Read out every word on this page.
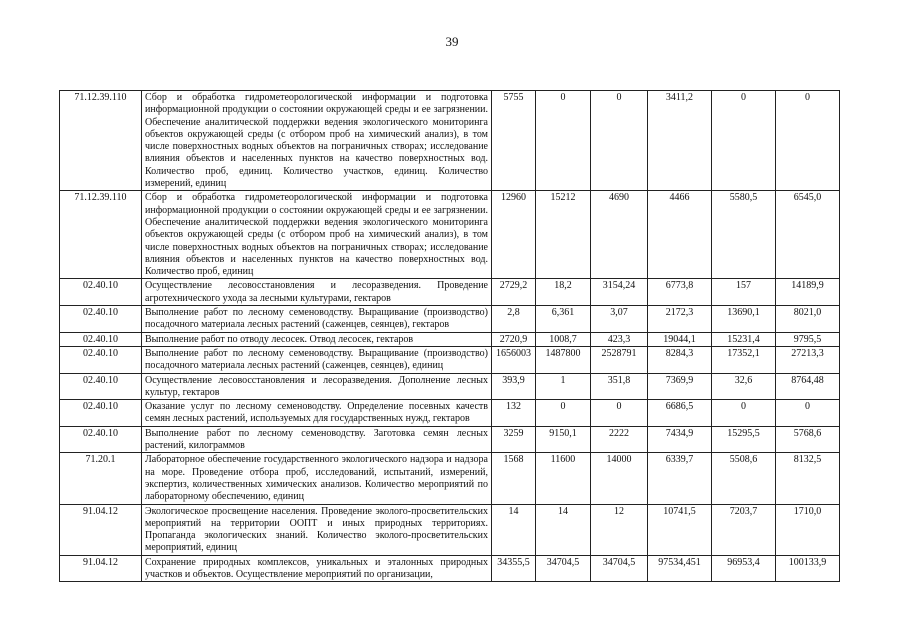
39
71.12.39.110	Сбор и обработка гидрометеорологической информации и подготовка информационной продукции о состоянии окружающей среды и ее загрязнении. Обеспечение аналитической поддержки ведения экологического мониторинга объектов окружающей среды (с отбором проб на химический анализ), в том числе поверхностных водных объектов на пограничных створах; исследование влияния объектов и населенных пунктов на качество поверхностных вод. Количество проб, единиц. Количество участков, единиц. Количество измерений, единиц	5755	0	0	3411,2	0	0
71.12.39.110	Сбор и обработка гидрометеорологической информации и подготовка информационной продукции о состоянии окружающей среды и ее загрязнении. Обеспечение аналитической поддержки ведения экологического мониторинга объектов окружающей среды (с отбором проб на химический анализ), в том числе поверхностных водных объектов на пограничных створах; исследование влияния объектов и населенных пунктов на качество поверхностных вод. Количество проб, единиц	12960	15212	4690	4466	5580,5	6545,0
02.40.10	Осуществление лесовосстановления и лесоразведения. Проведение агротехнического ухода за лесными культурами, гектаров	2729,2	18,2	3154,24	6773,8	157	14189,9
02.40.10	Выполнение работ по лесному семеноводству. Выращивание (производство) посадочного материала лесных растений (саженцев, сеянцев), гектаров	2,8	6,361	3,07	2172,3	13690,1	8021,0
02.40.10	Выполнение работ по отводу лесосек. Отвод лесосек, гектаров	2720,9	1008,7	423,3	19044,1	15231,4	9795,5
02.40.10	Выполнение работ по лесному семеноводству. Выращивание (производство) посадочного материала лесных растений (саженцев, сеянцев), единиц	1656003	1487800	2528791	8284,3	17352,1	27213,3
02.40.10	Осуществление лесовосстановления и лесоразведения. Дополнение лесных культур, гектаров	393,9	1	351,8	7369,9	32,6	8764,48
02.40.10	Оказание услуг по лесному семеноводству. Определение посевных качеств семян лесных растений, используемых для государственных нужд, гектаров	132	0	0	6686,5	0	0
02.40.10	Выполнение работ по лесному семеноводству. Заготовка семян лесных растений, килограммов	3259	9150,1	2222	7434,9	15295,5	5768,6
71.20.1	Лабораторное обеспечение государственного экологического надзора и надзора на море. Проведение отбора проб, исследований, испытаний, измерений, экспертиз, количественных химических анализов. Количество мероприятий по лабораторному обеспечению, единиц	1568	11600	14000	6339,7	5508,6	8132,5
91.04.12	Экологическое просвещение населения. Проведение эколого-просветительских мероприятий на территории ООПТ и иных природных территориях. Пропаганда экологических знаний. Количество эколого-просветительских мероприятий, единиц	14	14	12	10741,5	7203,7	1710,0
91.04.12	Сохранение природных комплексов, уникальных и эталонных природных участков и объектов. Осуществление мероприятий по организации,	34355,5	34704,5	34704,5	97534,451	96953,4	100133,9
